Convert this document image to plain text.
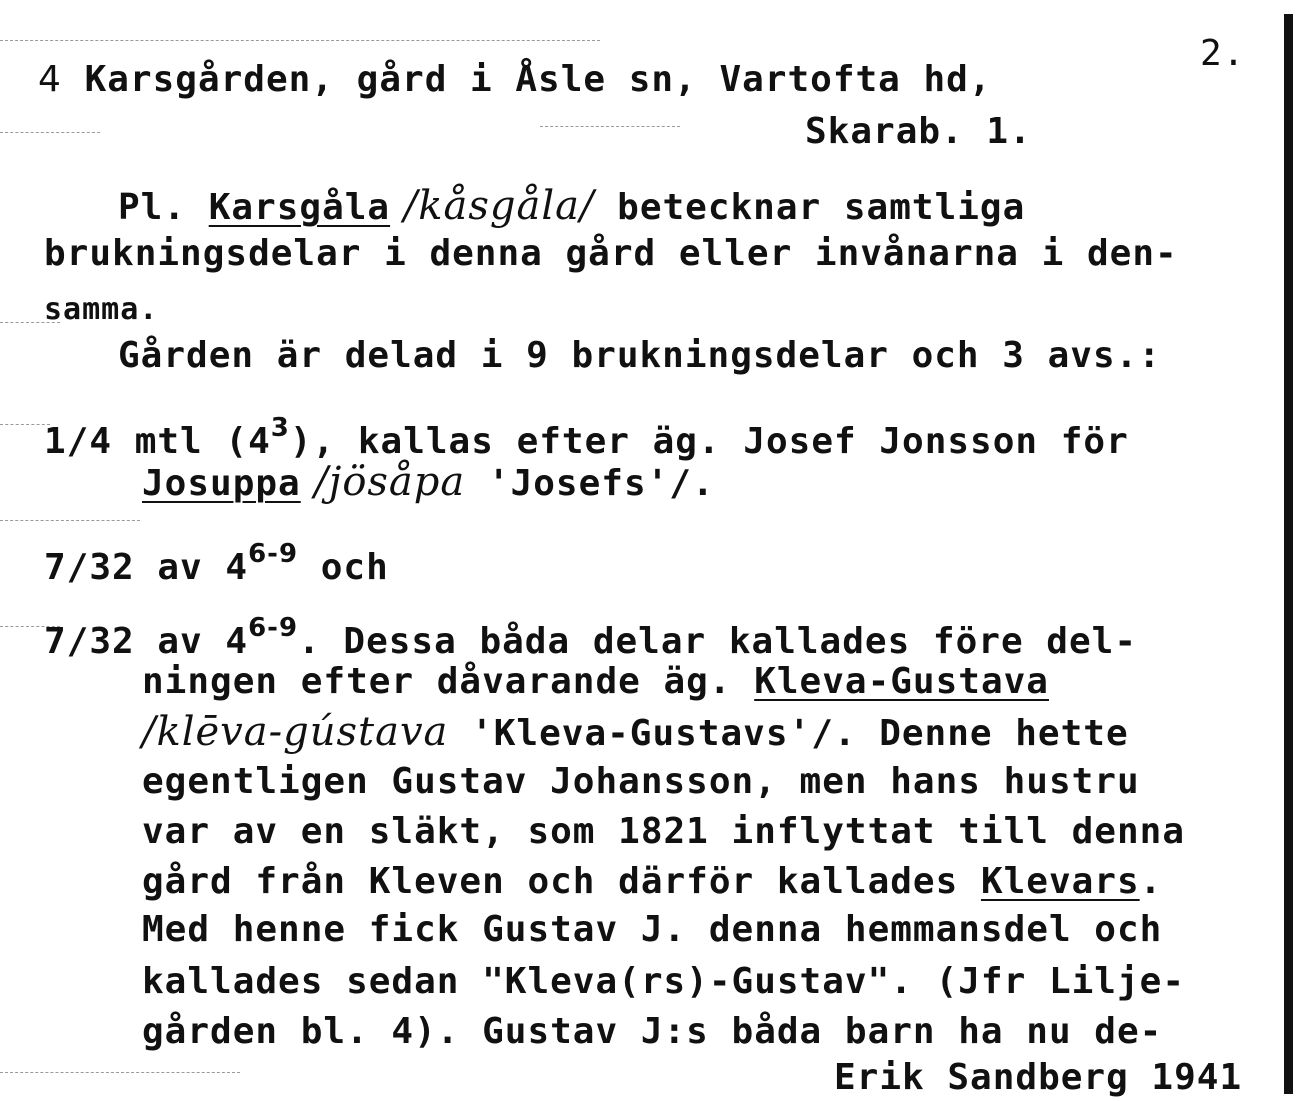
2.
4 Karsgården, gård i Åsle sn, Vartofta hd,
Skarab. 1.
Pl. Karsgåla /kåsgåla/ betecknar samtliga
brukningsdelar i denna gård eller invånarna i den-
samma.
Gården är delad i 9 brukningsdelar och 3 avs.:
1/4 mtl $(4^3)$, kallas efter äg. Josef Jonsson för
Josuppa /jösåpa 'Josefs'/.
7/32 av 4$^{6-9}$ och
7/32 av 4$^{6-9}$. Dessa båda delar kallades före del-
ningen efter dåvarande äg. Kleva-Gustava
/klēva-gústava 'Kleva-Gustavs'/. Denne hette
egentligen Gustav Johansson, men hans hustru
var av en släkt, som 1821 inflyttat till denna
gård från Kleven och därför kallades Klevars.
Med henne fick Gustav J. denna hemmansdel och
kallades sedan "Kleva(rs)-Gustav". (Jfr Lilje-
gården bl. 4). Gustav J:s båda barn ha nu de-
Erik Sandberg 1941
